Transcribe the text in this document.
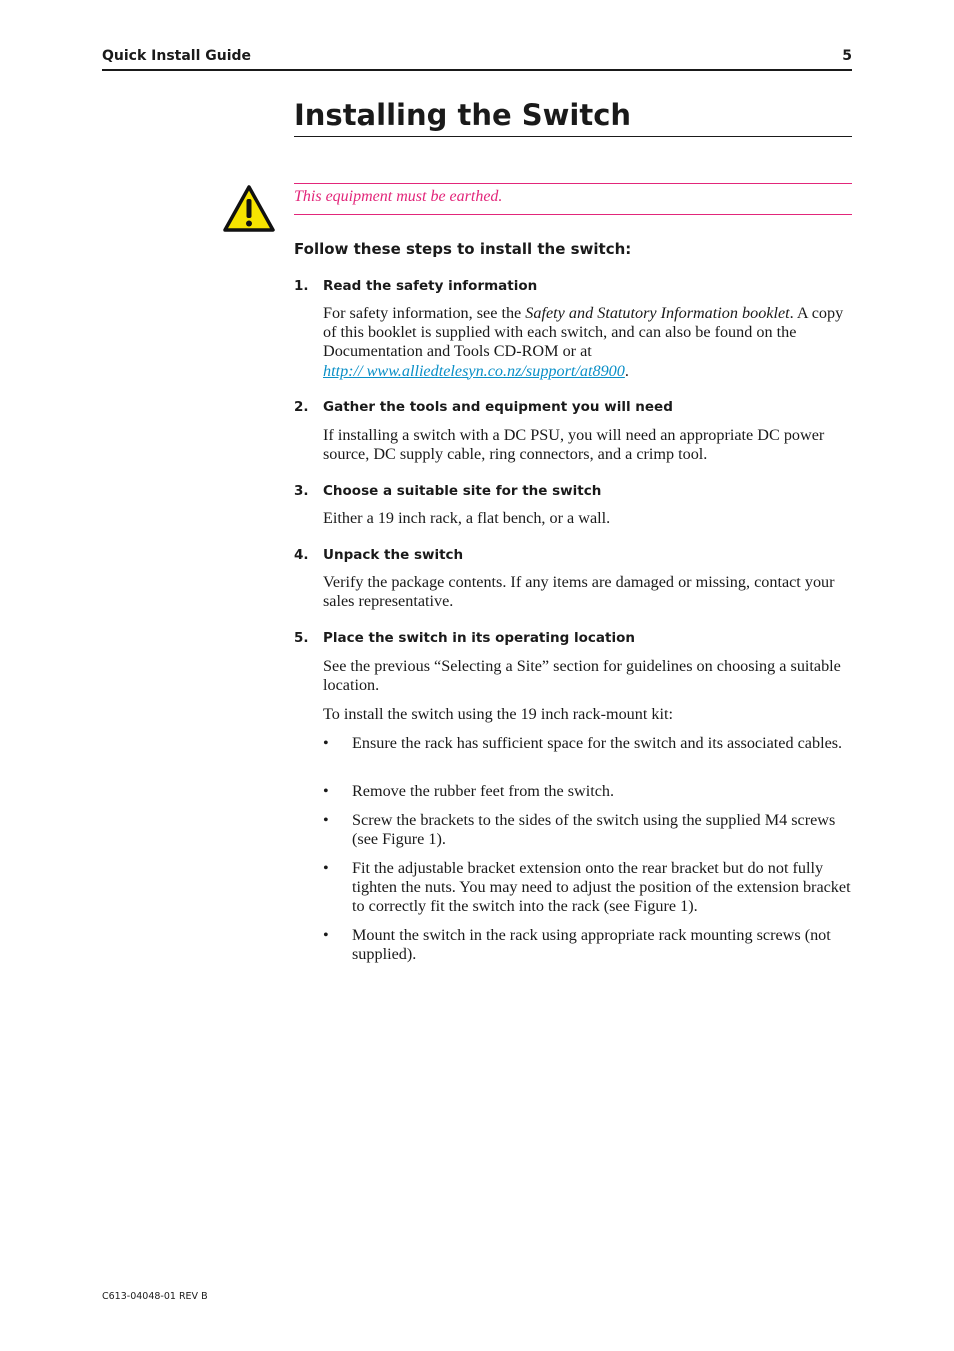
Quick Install Guide	5
Installing the Switch
This equipment must be earthed.
Follow these steps to install the switch:
1. Read the safety information
For safety information, see the Safety and Statutory Information booklet. A copy of this booklet is supplied with each switch, and can also be found on the Documentation and Tools CD-ROM or at
http:// www.alliedtelesyn.co.nz/support/at8900.
2. Gather the tools and equipment you will need
If installing a switch with a DC PSU, you will need an appropriate DC power source, DC supply cable, ring connectors, and a crimp tool.
3. Choose a suitable site for the switch
Either a 19 inch rack, a flat bench, or a wall.
4. Unpack the switch
Verify the package contents. If any items are damaged or missing, contact your sales representative.
5. Place the switch in its operating location
See the previous “Selecting a Site” section for guidelines on choosing a suitable location.
To install the switch using the 19 inch rack-mount kit:
• Ensure the rack has sufficient space for the switch and its associated cables.
• Remove the rubber feet from the switch.
• Screw the brackets to the sides of the switch using the supplied M4 screws (see Figure 1).
• Fit the adjustable bracket extension onto the rear bracket but do not fully tighten the nuts. You may need to adjust the position of the extension bracket to correctly fit the switch into the rack (see Figure 1).
• Mount the switch in the rack using appropriate rack mounting screws (not supplied).
C613-04048-01 REV B
